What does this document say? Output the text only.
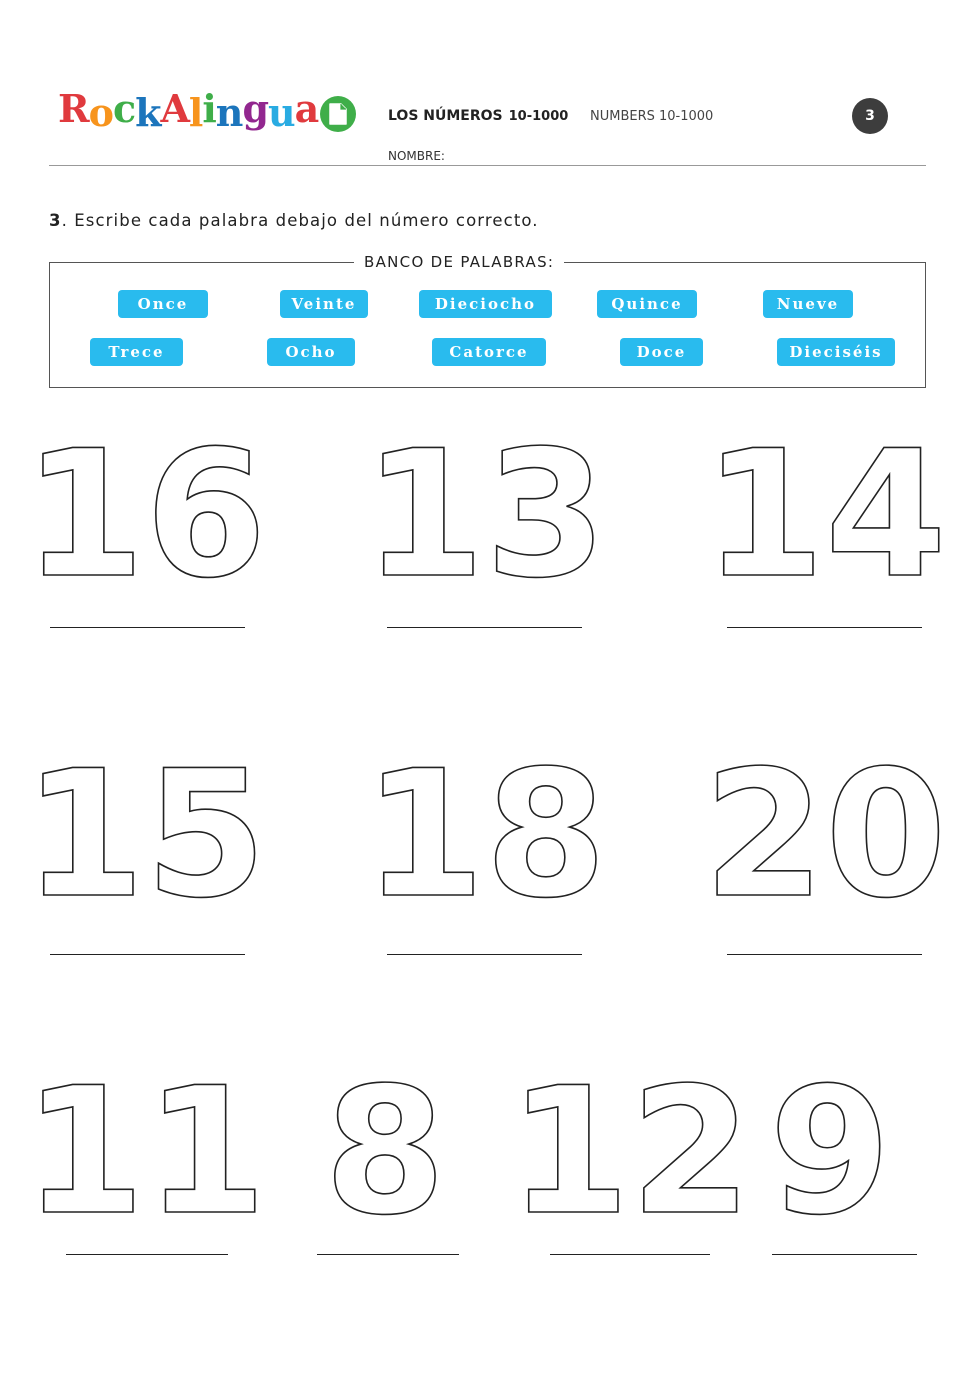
RockAlingua	LOS NÚMEROS 10-1000 NUMBERS 10-1000	3
NOMBRE:
3. Escribe cada palabra debajo del número correcto.
BANCO DE PALABRAS:
Once	Veinte	Dieciocho	Quince	Nueve
Trece	Ocho	Catorce	Doce	Dieciséis
16 13 14
15 18 20
11 8 12 9
